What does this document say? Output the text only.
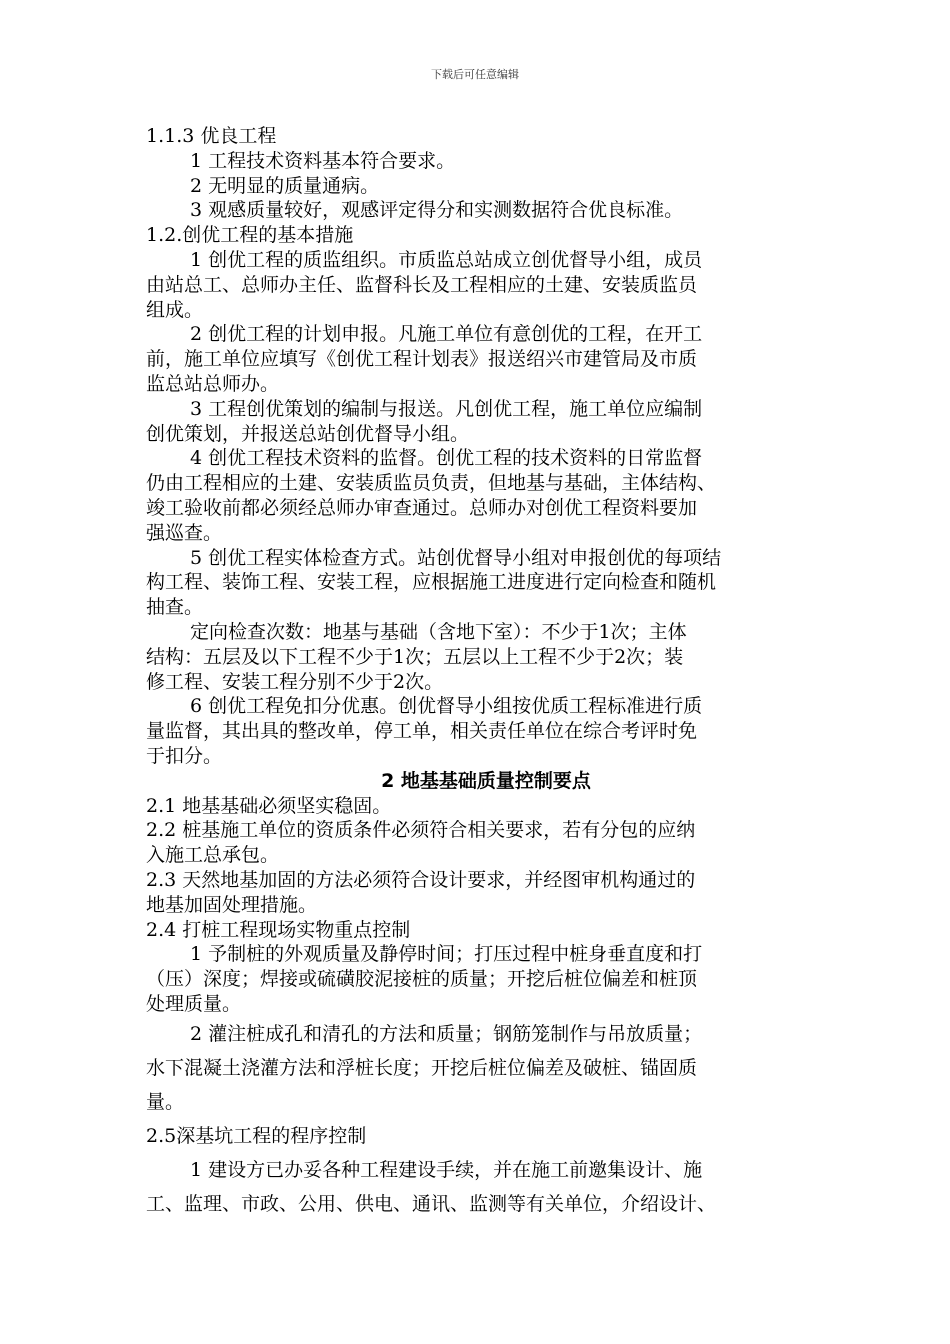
下载后可任意编辑
1.1.3 优良工程
1 工程技术资料基本符合要求。
2 无明显的质量通病。
3 观感质量较好，观感评定得分和实测数据符合优良标准。
1.2.创优工程的基本措施
1 创优工程的质监组织。市质监总站成立创优督导小组，成员
由站总工、总师办主任、监督科长及工程相应的土建、安装质监员
组成。
2 创优工程的计划申报。凡施工单位有意创优的工程，在开工
前，施工单位应填写《创优工程计划表》报送绍兴市建管局及市质
监总站总师办。
3 工程创优策划的编制与报送。凡创优工程，施工单位应编制
创优策划，并报送总站创优督导小组。
4 创优工程技术资料的监督。创优工程的技术资料的日常监督
仍由工程相应的土建、安装质监员负责，但地基与基础，主体结构、
竣工验收前都必须经总师办审查通过。总师办对创优工程资料要加
强巡查。
5 创优工程实体检查方式。站创优督导小组对申报创优的每项结
构工程、装饰工程、安装工程，应根据施工进度进行定向检查和随机
抽查。
定向检查次数：地基与基础（含地下室）：不少于1次；主体
结构：五层及以下工程不少于1次；五层以上工程不少于2次；装
修工程、安装工程分别不少于2次。
6 创优工程免扣分优惠。创优督导小组按优质工程标准进行质
量监督，其出具的整改单，停工单，相关责任单位在综合考评时免
于扣分。
2 地基基础质量控制要点
2.1 地基基础必须坚实稳固。
2.2 桩基施工单位的资质条件必须符合相关要求，若有分包的应纳
入施工总承包。
2.3 天然地基加固的方法必须符合设计要求，并经图审机构通过的
地基加固处理措施。
2.4 打桩工程现场实物重点控制
1 予制桩的外观质量及静停时间；打压过程中桩身垂直度和打
（压）深度；焊接或硫磺胶泥接桩的质量；开挖后桩位偏差和桩顶
处理质量。
2 灌注桩成孔和清孔的方法和质量；钢筋笼制作与吊放质量；
水下混凝土浇灌方法和浮桩长度；开挖后桩位偏差及破桩、锚固质
量。
2.5深基坑工程的程序控制
1 建设方已办妥各种工程建设手续，并在施工前邀集设计、施
工、监理、市政、公用、供电、通讯、监测等有关单位，介绍设计、
